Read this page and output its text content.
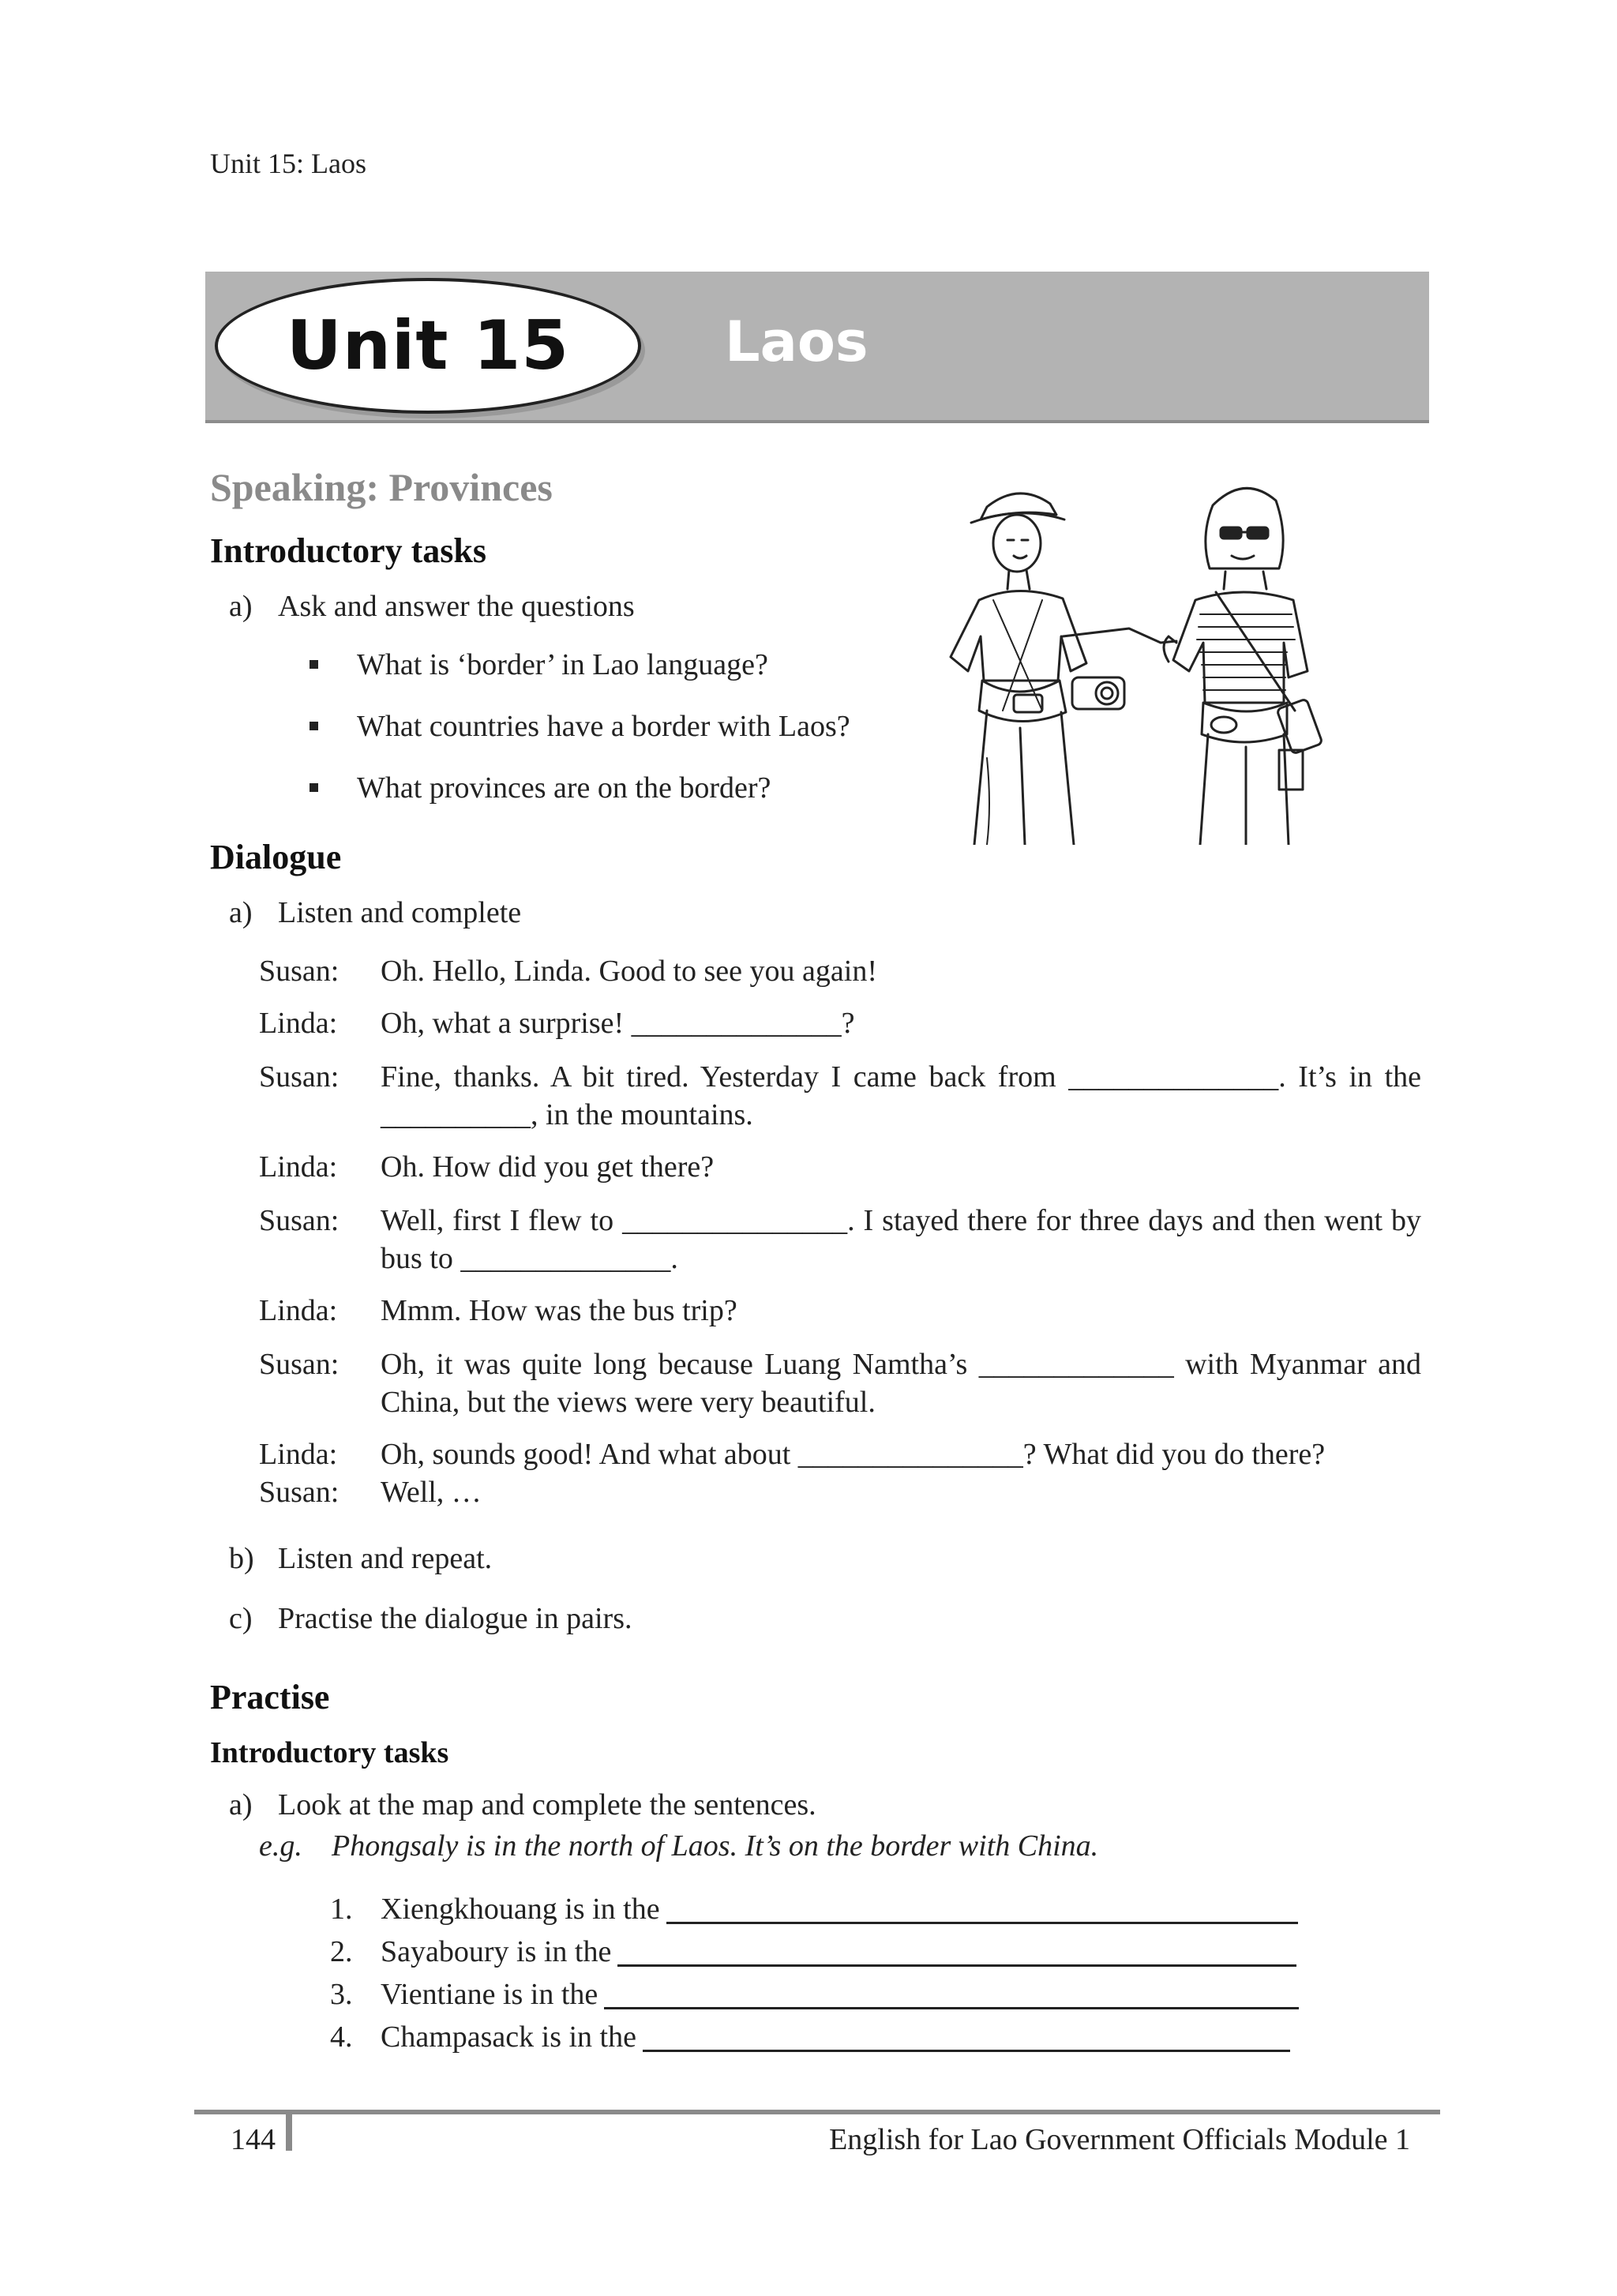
Unit 15: Laos
Unit 15	Laos
Speaking: Provinces
Introductory tasks
a) Ask and answer the questions
What is ‘border’ in Lao language?
What countries have a border with Laos?
What provinces are on the border?
Dialogue
a) Listen and complete
Susan: Oh. Hello, Linda. Good to see you again!
Linda: Oh, what a surprise! ______________?
Susan: Fine, thanks. A bit tired. Yesterday I came back from ______________. It’s in the __________, in the mountains.
Linda: Oh. How did you get there?
Susan: Well, first I flew to _______________. I stayed there for three days and then went by bus to ______________.
Linda: Mmm. How was the bus trip?
Susan: Oh, it was quite long because Luang Namtha’s _____________ with Myanmar and China, but the views were very beautiful.
Linda: Oh, sounds good! And what about _______________? What did you do there?
Susan: Well, …
b) Listen and repeat.
c) Practise the dialogue in pairs.
Practise
Introductory tasks
a) Look at the map and complete the sentences.
e.g. Phongsaly is in the north of Laos. It’s on the border with China.
1. Xiengkhouang is in the
2. Sayaboury is in the
3. Vientiane is in the
4. Champasack is in the
144	English for Lao Government Officials Module 1
